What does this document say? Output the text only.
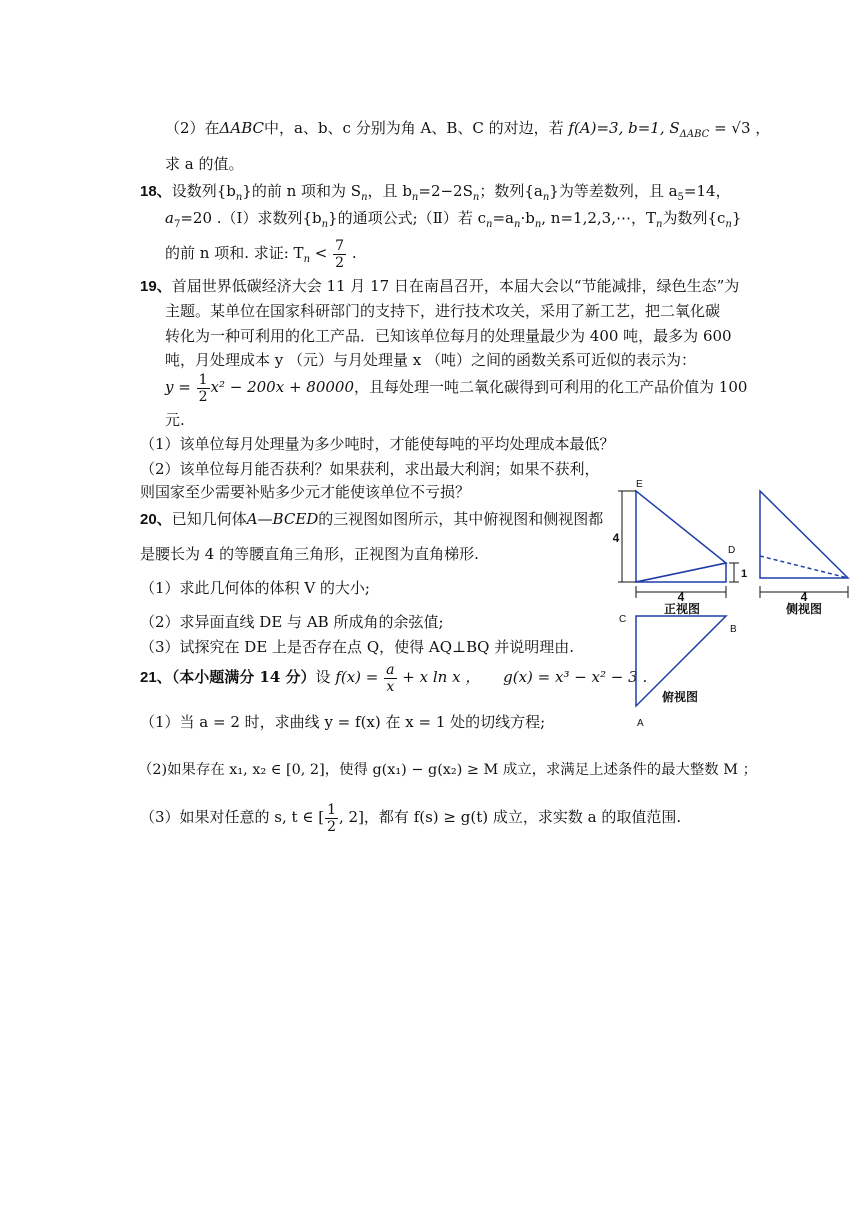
（2）在ΔABC中，a、b、c 分别为角 A、B、C 的对边，若 f(A)=3, b=1, $S_{\Delta ABC} = √3$ ，
求 a 的值。
18、设数列$\{b_n\}$的前 n 项和为 $S_n$，且 $b_n=2-2S_n$；数列$\{a_n\}$为等差数列，且 $a_5=14$，
$a_7=20$ .（Ⅰ）求数列$\{b_n\}$的通项公式;（Ⅱ）若 $c_n=a_n\cdot b_n$, n=1,2,3,⋯，$T_n$为数列$\{c_n\}$
的前 n 项和. 求证: $T_n < \frac{7}{2}$ .
19、首届世界低碳经济大会 11 月 17 日在南昌召开，本届大会以“节能减排，绿色生态”为
主题。某单位在国家科研部门的支持下，进行技术攻关，采用了新工艺，把二氧化碳
转化为一种可利用的化工产品．已知该单位每月的处理量最少为 400 吨，最多为 600
吨，月处理成本 y （元）与月处理量 x （吨）之间的函数关系可近似的表示为：
$y = \frac{1}{2} x^2 - 200x + 80000$，且每处理一吨二氧化碳得到可利用的化工产品价值为 100
元.
（1）该单位每月处理量为多少吨时，才能使每吨的平均处理成本最低？
（2）该单位每月能否获利？如果获利，求出最大利润；如果不获利，
则国家至少需要补贴多少元才能使该单位不亏损？
20、已知几何体A—BCED的三视图如图所示，其中俯视图和侧视图都
是腰长为 4 的等腰直角三角形，正视图为直角梯形.
（1）求此几何体的体积 V 的大小;
（2）求异面直线 DE 与 AB 所成角的余弦值;
（3）试探究在 DE 上是否存在点 Q，使得 AQ⊥BQ 并说明理由.
21、（本小题满分 14 分）设 $f(x) = \frac{a}{x} + x$ ln x ， g(x) = x³ − x² − 3 .
（1）当 a = 2 时，求曲线 y = f(x) 在 x = 1 处的切线方程;
（2)如果存在 x₁, x₂ ∈ [0, 2]，使得 g(x₁) − g(x₂) ≥ M 成立，求满足上述条件的最大整数 M ；
（3）如果对任意的 s, t ∈ [ $\frac{1}{2}$ , 2]，都有 f(s) ≥ g(t) 成立，求实数 a 的取值范围.
E
D
4
1
4
正视图
4
侧视图
C
B
A
俯视图
